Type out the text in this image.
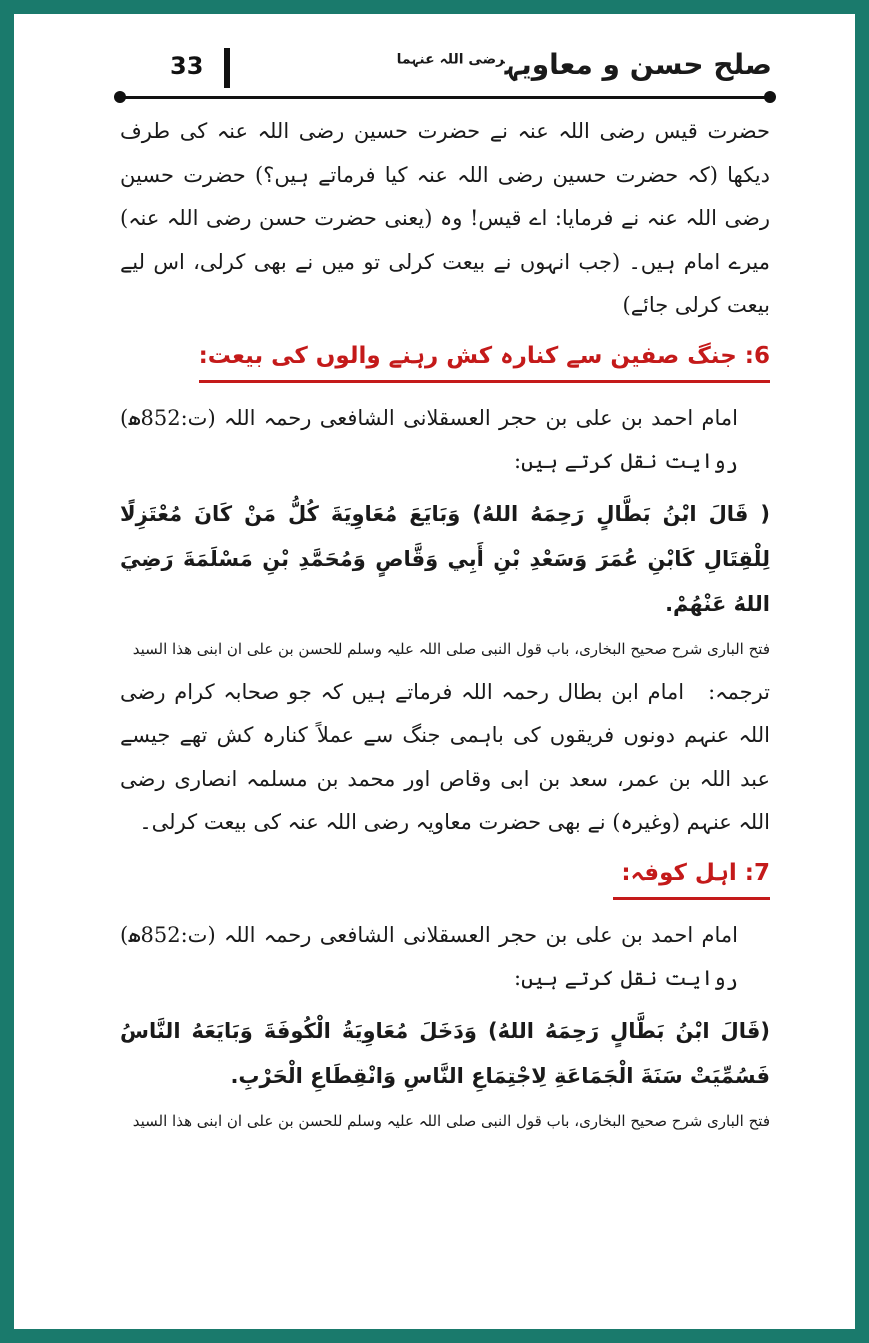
صلح حسن و معاویہ$^{رضی اللہ عنہما}$
33

حضرت قیس رضی اللہ عنہ نے حضرت حسین رضی اللہ عنہ کی طرف دیکھا (کہ حضرت حسین رضی اللہ عنہ کیا فرماتے ہیں؟) حضرت حسین رضی اللہ عنہ نے فرمایا: اے قیس! وہ (یعنی حضرت حسن رضی اللہ عنہ) میرے امام ہیں۔ (جب انہوں نے بیعت کرلی تو میں نے بھی کرلی، اس لیے بیعت کرلی جائے)

6: جنگ صفین سے کنارہ کش رہنے والوں کی بیعت:

امام احمد بن علی بن حجر العسقلانی الشافعی رحمہ اللہ (ت:852ھ) روایت نقل کرتے ہیں:

( قَالَ ابْنُ بَطَّالٍ رَحِمَهُ اللهُ) وَبَايَعَ مُعَاوِيَةَ كُلُّ مَنْ كَانَ مُعْتَزِلًا لِلْقِتَالِ كَابْنِ عُمَرَ وَسَعْدِ بْنِ أَبِي وَقَّاصٍ وَمُحَمَّدِ بْنِ مَسْلَمَةَ رَضِيَ اللهُ عَنْهُمْ.

فتح الباری شرح صحیح البخاری، باب قول النبی صلی اللہ علیہ وسلم للحسن بن علی ان ابنی ھذا السید

ترجمہ:امام ابن بطال رحمہ اللہ فرماتے ہیں کہ جو صحابہ کرام رضی اللہ عنہم دونوں فریقوں کی باہمی جنگ سے عملاً کنارہ کش تھے جیسے عبد اللہ بن عمر، سعد بن ابی وقاص اور محمد بن مسلمہ انصاری رضی اللہ عنہم (وغیرہ) نے بھی حضرت معاویہ رضی اللہ عنہ کی بیعت کرلی۔

7: اہل کوفہ:

امام احمد بن علی بن حجر العسقلانی الشافعی رحمہ اللہ (ت:852ھ) روایت نقل کرتے ہیں:

(قَالَ ابْنُ بَطَّالٍ رَحِمَهُ اللهُ) وَدَخَلَ مُعَاوِيَةُ الْكُوفَةَ وَبَايَعَهُ النَّاسُ فَسُمِّيَتْ سَنَةَ الْجَمَاعَةِ لِاجْتِمَاعِ النَّاسِ وَانْقِطَاعِ الْحَرْبِ.

فتح الباری شرح صحیح البخاری، باب قول النبی صلی اللہ علیہ وسلم للحسن بن علی ان ابنی ھذا السید
